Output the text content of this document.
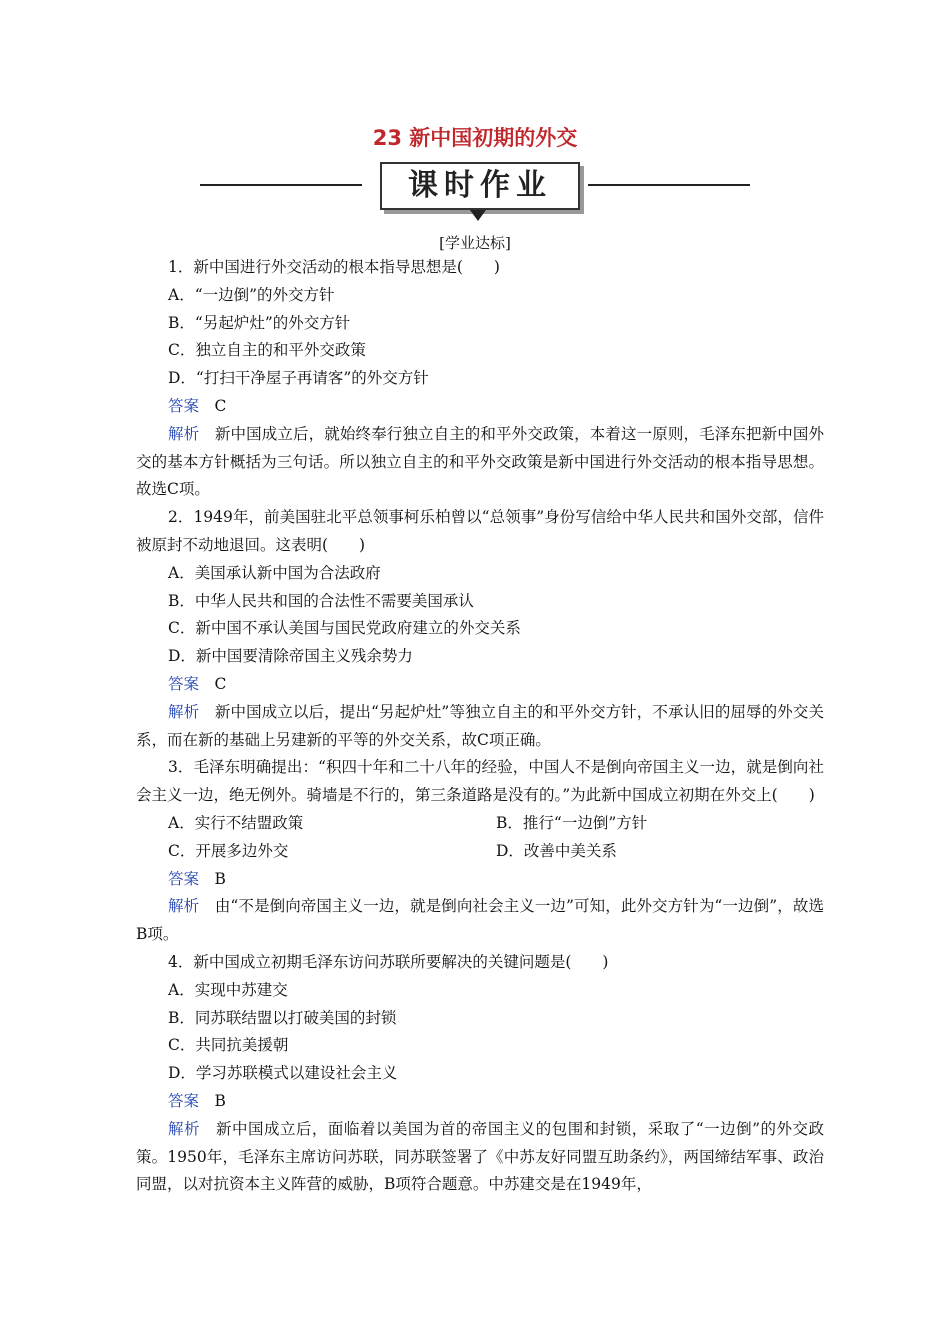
23 新中国初期的外交
课时作业
[学业达标]

1．新中国进行外交活动的根本指导思想是(　　)

A．“一边倒”的外交方针

B．“另起炉灶”的外交方针

C．独立自主的和平外交政策

D．“打扫干净屋子再请客”的外交方针

答案　 C

解析　 新中国成立后，就始终奉行独立自主的和平外交政策，本着这一原则，毛泽东把新中国外交的基本方针概括为三句话。所以独立自主的和平外交政策是新中国进行外交活动的根本指导思想。故选C项。

2．1949年，前美国驻北平总领事柯乐柏曾以“总领事”身份写信给中华人民共和国外交部，信件被原封不动地退回。这表明(　　)

A．美国承认新中国为合法政府

B．中华人民共和国的合法性不需要美国承认

C．新中国不承认美国与国民党政府建立的外交关系

D．新中国要清除帝国主义残余势力

答案　 C

解析　 新中国成立以后，提出“另起炉灶”等独立自主的和平外交方针，不承认旧的屈辱的外交关系，而在新的基础上另建新的平等的外交关系，故C项正确。

3．毛泽东明确提出：“积四十年和二十八年的经验，中国人不是倒向帝国主义一边，就是倒向社会主义一边，绝无例外。骑墙是不行的，第三条道路是没有的。”为此新中国成立初期在外交上(　　)

A．实行不结盟政策	B．推行“一边倒”方针
C．开展多边外交	D．改善中美关系

答案　 B

解析　 由“不是倒向帝国主义一边，就是倒向社会主义一边”可知，此外交方针为“一边倒”，故选B项。

4．新中国成立初期毛泽东访问苏联所要解决的关键问题是(　　)

A．实现中苏建交

B．同苏联结盟以打破美国的封锁

C．共同抗美援朝

D．学习苏联模式以建设社会主义

答案　 B

解析　 新中国成立后，面临着以美国为首的帝国主义的包围和封锁，采取了“一边倒”的外交政策。1950年，毛泽东主席访问苏联，同苏联签署了《中苏友好同盟互助条约》，两国缔结军事、政治同盟，以对抗资本主义阵营的威胁，B项符合题意。中苏建交是在1949年，
